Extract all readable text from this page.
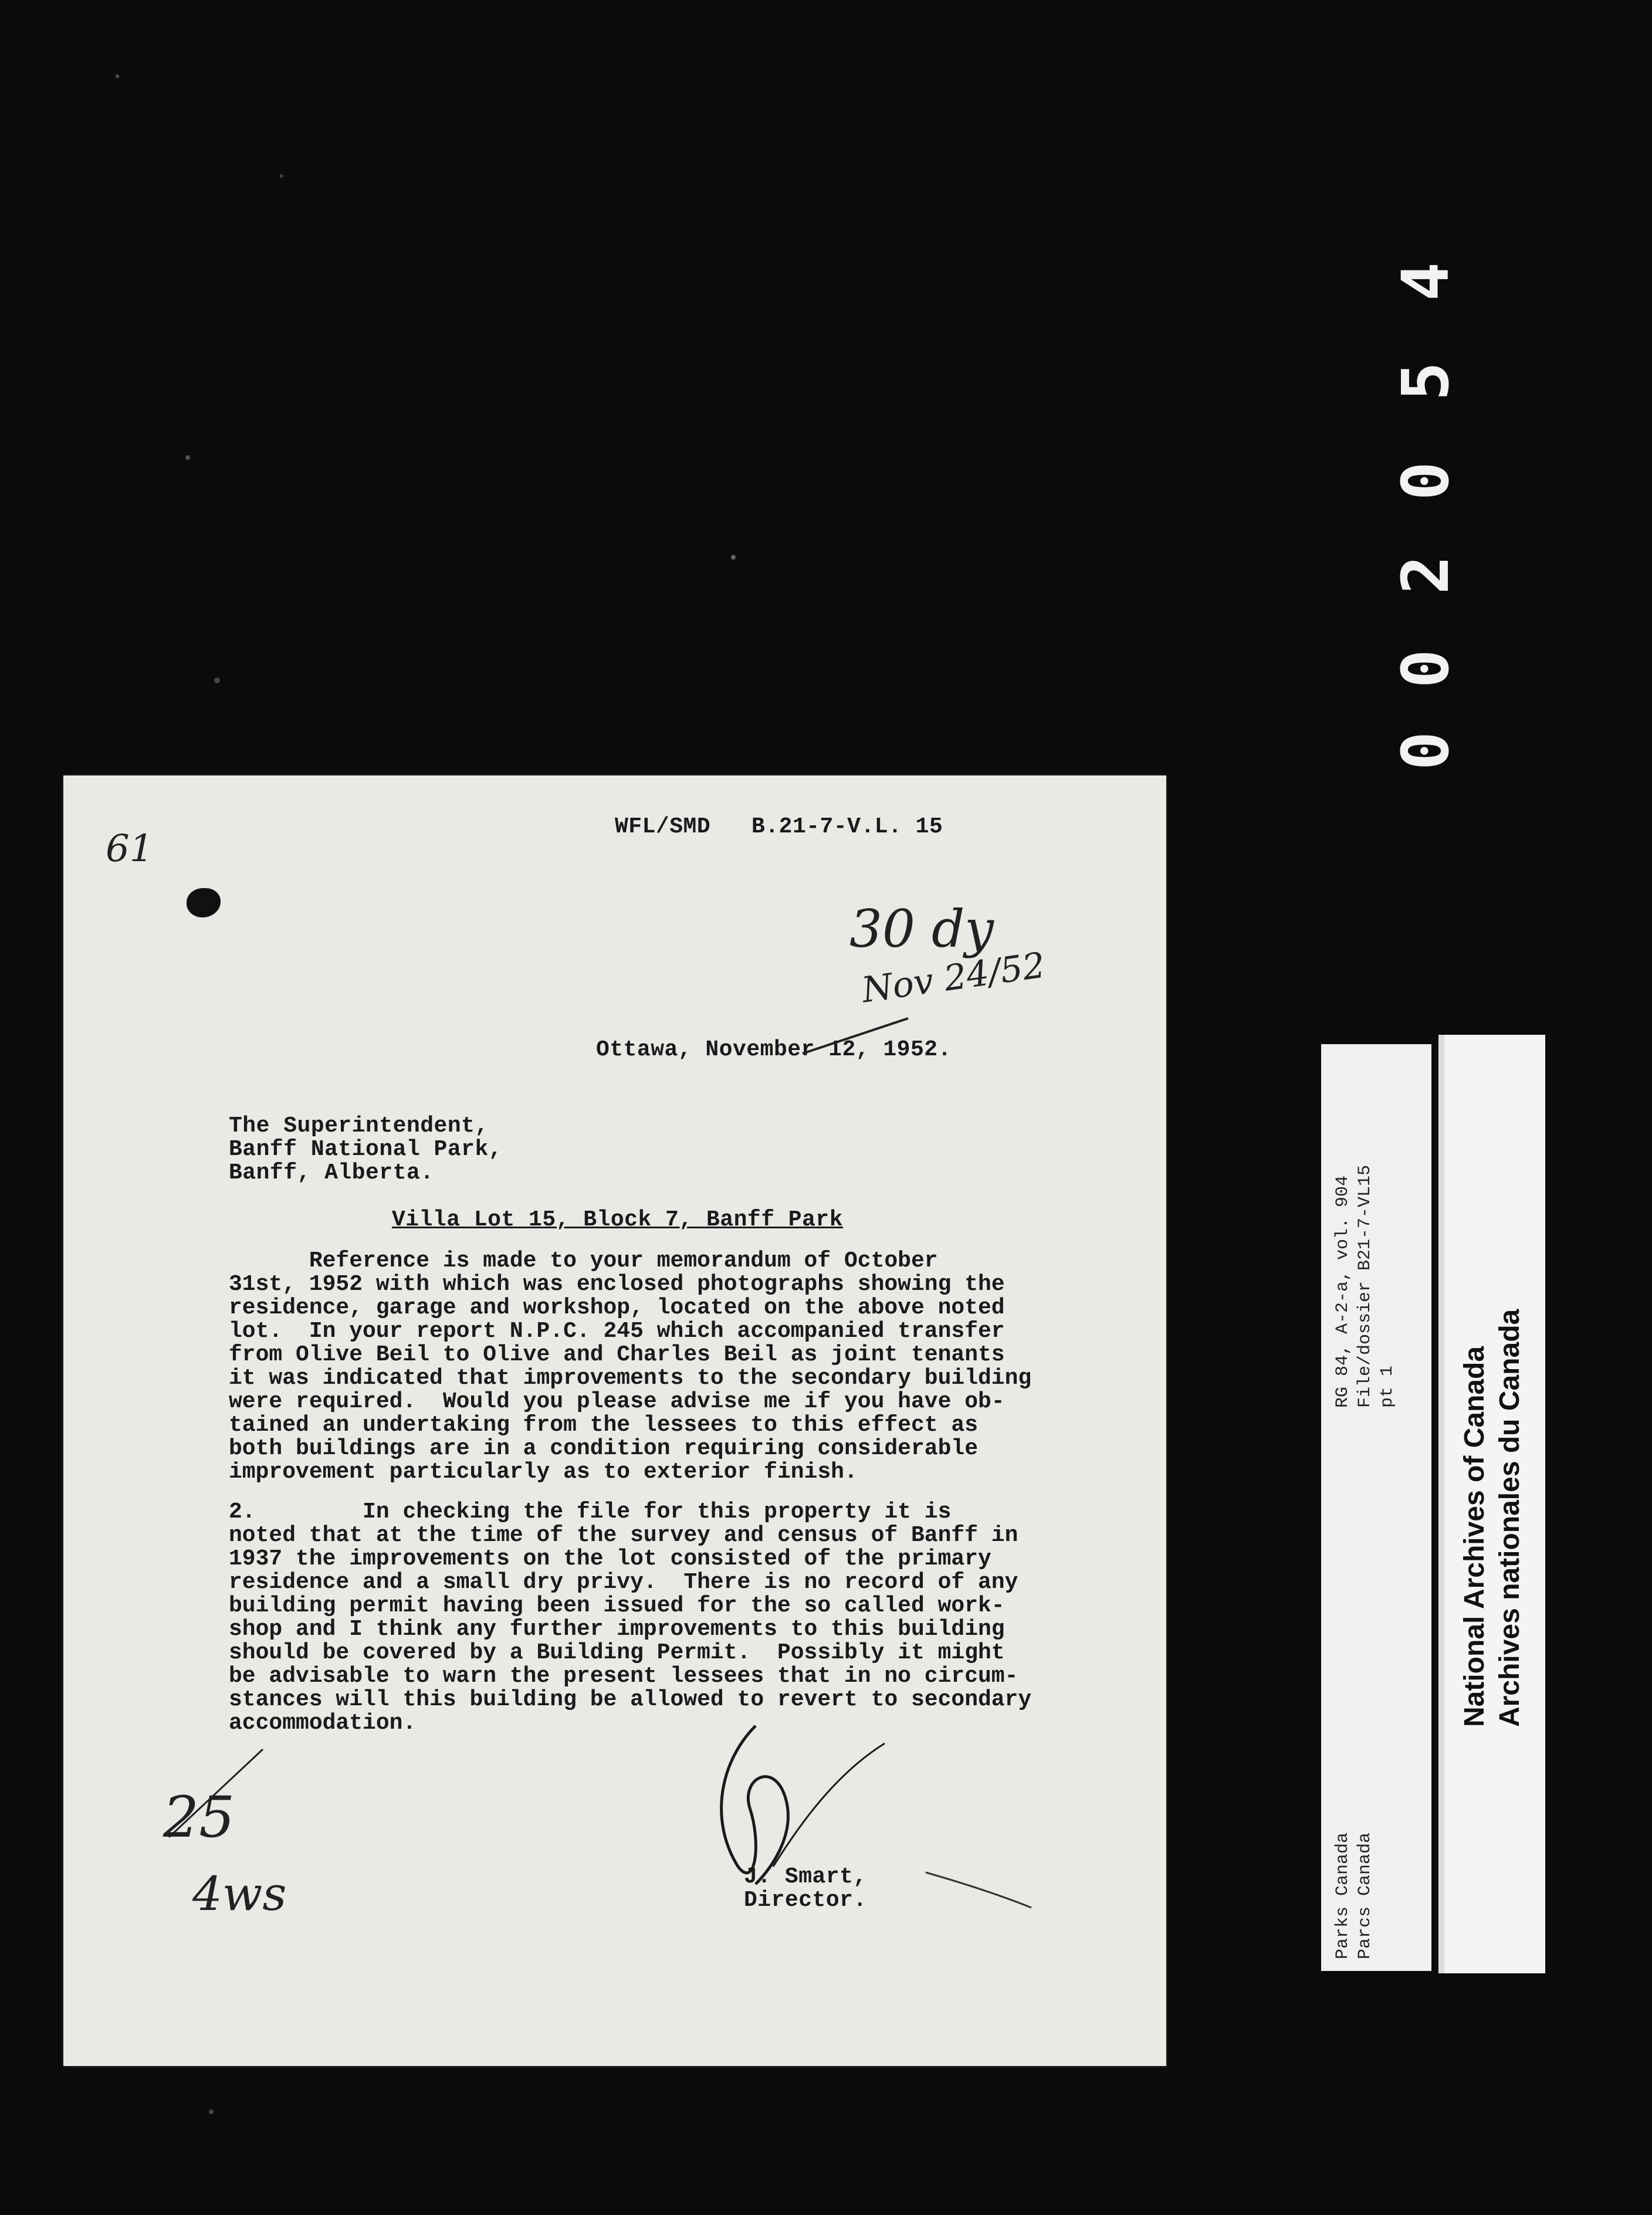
0
0
2
0
5
4
61
WFL/SMD   B.21-7-V.L. 15
30 dy
Nov 24/52
Ottawa, November 12, 1952.
The Superintendent,
Banff National Park,
Banff, Alberta.
Villa Lot 15, Block 7, Banff Park
Reference is made to your memorandum of October
31st, 1952 with which was enclosed photographs showing the
residence, garage and workshop, located on the above noted
lot.  In your report N.P.C. 245 which accompanied transfer
from Olive Beil to Olive and Charles Beil as joint tenants
it was indicated that improvements to the secondary building
were required.  Would you please advise me if you have ob-
tained an undertaking from the lessees to this effect as
both buildings are in a condition requiring considerable
improvement particularly as to exterior finish.
2.        In checking the file for this property it is
noted that at the time of the survey and census of Banff in
1937 the improvements on the lot consisted of the primary
residence and a small dry privy.  There is no record of any
building permit having been issued for the so called work-
shop and I think any further improvements to this building
should be covered by a Building Permit.  Possibly it might
be advisable to warn the present lessees that in no circum-
stances will this building be allowed to revert to secondary
accommodation.
J. Smart,
Director.
25
4ws
RG 84, A-2-a, vol. 904 File/dossier B21-7-VL15 pt 1
Parks Canada Parcs Canada
National Archives of Canada Archives nationales du Canada
